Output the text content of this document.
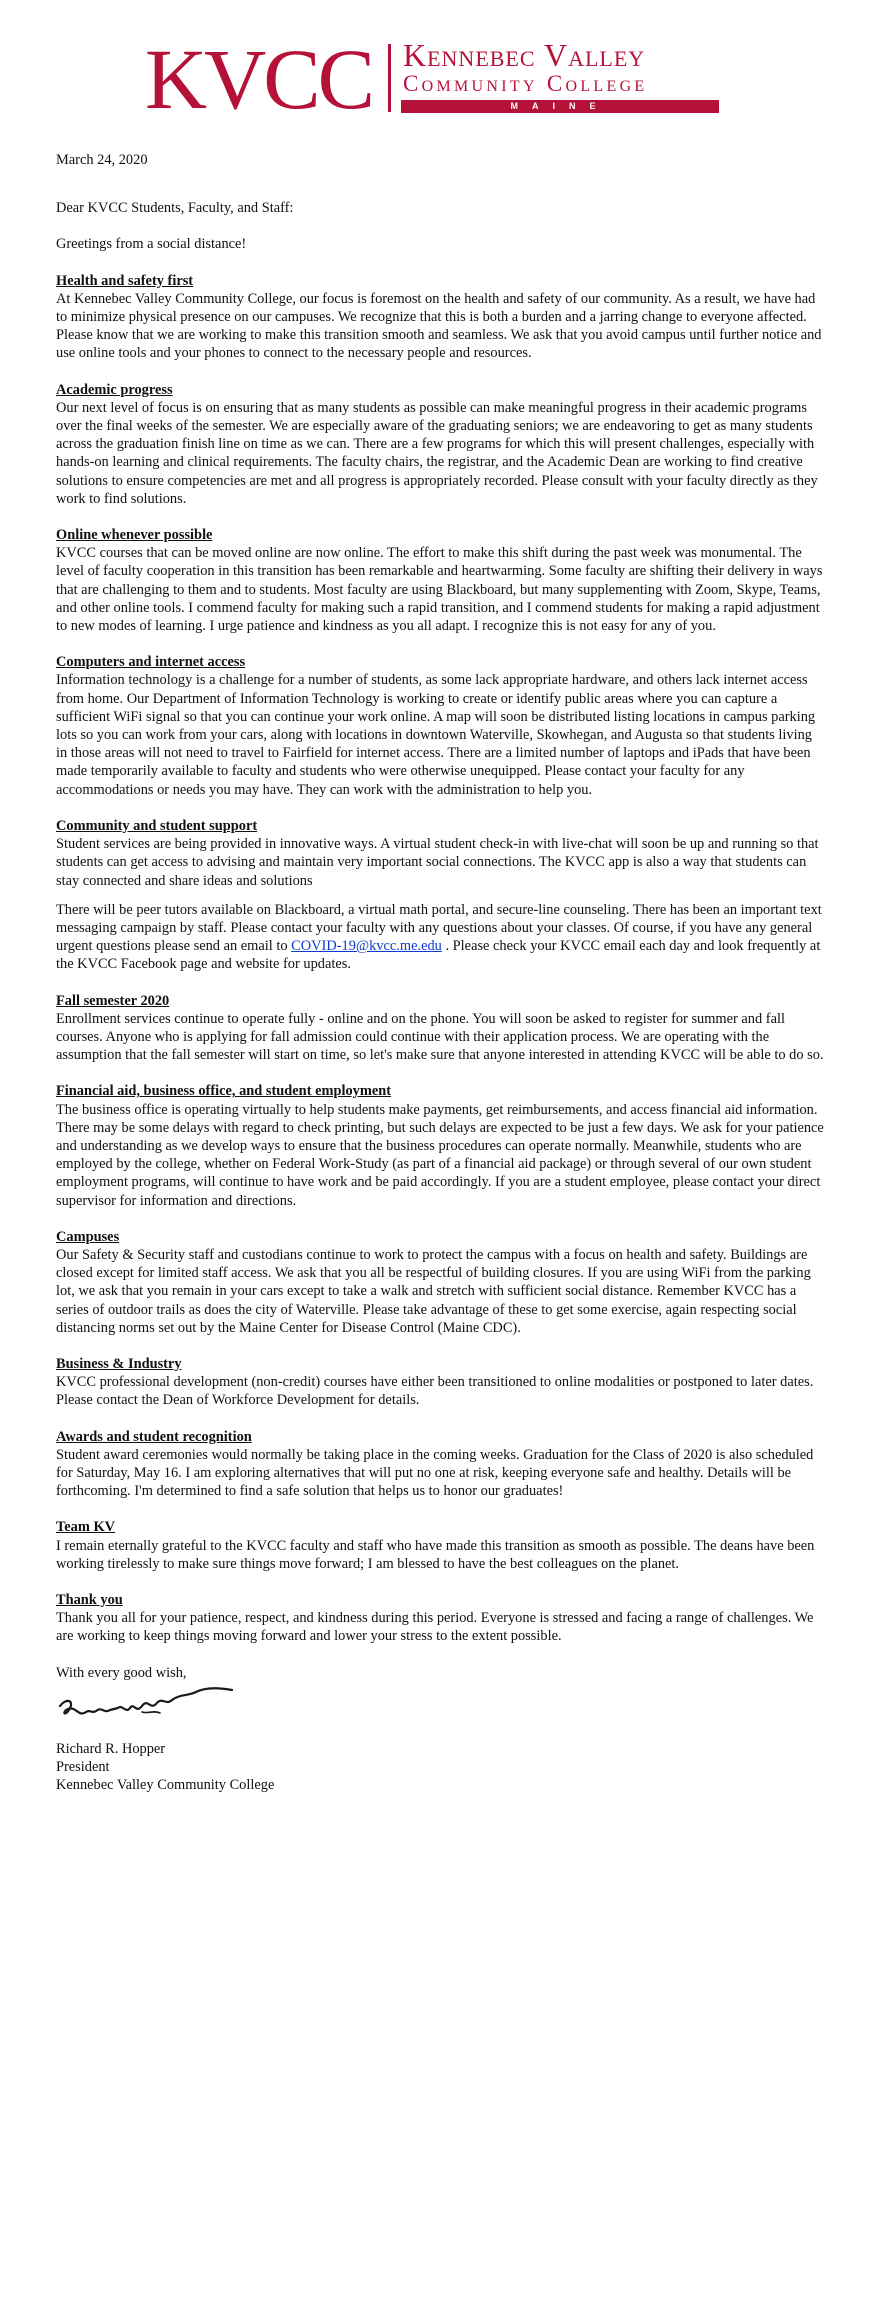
KVCC Kennebec Valley
Community College
MAINE

March 24, 2020

Dear KVCC Students, Faculty, and Staff:

Greetings from a social distance!

Health and safety first

At Kennebec Valley Community College, our focus is foremost on the health and safety of our community. As a result, we have had to minimize physical presence on our campuses. We recognize that this is both a burden and a jarring change to everyone affected. Please know that we are working to make this transition smooth and seamless. We ask that you avoid campus until further notice and use online tools and your phones to connect to the necessary people and resources.

Academic progress

Our next level of focus is on ensuring that as many students as possible can make meaningful progress in their academic programs over the final weeks of the semester. We are especially aware of the graduating seniors; we are endeavoring to get as many students across the graduation finish line on time as we can. There are a few programs for which this will present challenges, especially with hands-on learning and clinical requirements. The faculty chairs, the registrar, and the Academic Dean are working to find creative solutions to ensure competencies are met and all progress is appropriately recorded. Please consult with your faculty directly as they work to find solutions.

Online whenever possible

KVCC courses that can be moved online are now online. The effort to make this shift during the past week was monumental. The level of faculty cooperation in this transition has been remarkable and heartwarming. Some faculty are shifting their delivery in ways that are challenging to them and to students. Most faculty are using Blackboard, but many supplementing with Zoom, Skype, Teams, and other online tools. I commend faculty for making such a rapid transition, and I commend students for making a rapid adjustment to new modes of learning. I urge patience and kindness as you all adapt. I recognize this is not easy for any of you.

Computers and internet access

Information technology is a challenge for a number of students, as some lack appropriate hardware, and others lack internet access from home. Our Department of Information Technology is working to create or identify public areas where you can capture a sufficient WiFi signal so that you can continue your work online. A map will soon be distributed listing locations in campus parking lots so you can work from your cars, along with locations in downtown Waterville, Skowhegan, and Augusta so that students living in those areas will not need to travel to Fairfield for internet access. There are a limited number of laptops and iPads that have been made temporarily available to faculty and students who were otherwise unequipped. Please contact your faculty for any accommodations or needs you may have. They can work with the administration to help you.

Community and student support

Student services are being provided in innovative ways. A virtual student check-in with live-chat will soon be up and running so that students can get access to advising and maintain very important social connections. The KVCC app is also a way that students can stay connected and share ideas and solutions

There will be peer tutors available on Blackboard, a virtual math portal, and secure-line counseling. There has been an important text messaging campaign by staff. Please contact your faculty with any questions about your classes. Of course, if you have any general urgent questions please send an email to COVID-19@kvcc.me.edu . Please check your KVCC email each day and look frequently at the KVCC Facebook page and website for updates.

Fall semester 2020

Enrollment services continue to operate fully - online and on the phone. You will soon be asked to register for summer and fall courses. Anyone who is applying for fall admission could continue with their application process. We are operating with the assumption that the fall semester will start on time, so let's make sure that anyone interested in attending KVCC will be able to do so.

Financial aid, business office, and student employment

The business office is operating virtually to help students make payments, get reimbursements, and access financial aid information. There may be some delays with regard to check printing, but such delays are expected to be just a few days. We ask for your patience and understanding as we develop ways to ensure that the business procedures can operate normally. Meanwhile, students who are employed by the college, whether on Federal Work-Study (as part of a financial aid package) or through several of our own student employment programs, will continue to have work and be paid accordingly. If you are a student employee, please contact your direct supervisor for information and directions.

Campuses

Our Safety & Security staff and custodians continue to work to protect the campus with a focus on health and safety. Buildings are closed except for limited staff access. We ask that you all be respectful of building closures. If you are using WiFi from the parking lot, we ask that you remain in your cars except to take a walk and stretch with sufficient social distance. Remember KVCC has a series of outdoor trails as does the city of Waterville. Please take advantage of these to get some exercise, again respecting social distancing norms set out by the Maine Center for Disease Control (Maine CDC).

Business & Industry

KVCC professional development (non-credit) courses have either been transitioned to online modalities or postponed to later dates. Please contact the Dean of Workforce Development for details.

Awards and student recognition

Student award ceremonies would normally be taking place in the coming weeks. Graduation for the Class of 2020 is also scheduled for Saturday, May 16. I am exploring alternatives that will put no one at risk, keeping everyone safe and healthy. Details will be forthcoming. I'm determined to find a safe solution that helps us to honor our graduates!

Team KV

I remain eternally grateful to the KVCC faculty and staff who have made this transition as smooth as possible. The deans have been working tirelessly to make sure things move forward; I am blessed to have the best colleagues on the planet.

Thank you

Thank you all for your patience, respect, and kindness during this period. Everyone is stressed and facing a range of challenges. We are working to keep things moving forward and lower your stress to the extent possible.

With every good wish,

Richard R. Hopper

President

Kennebec Valley Community College
